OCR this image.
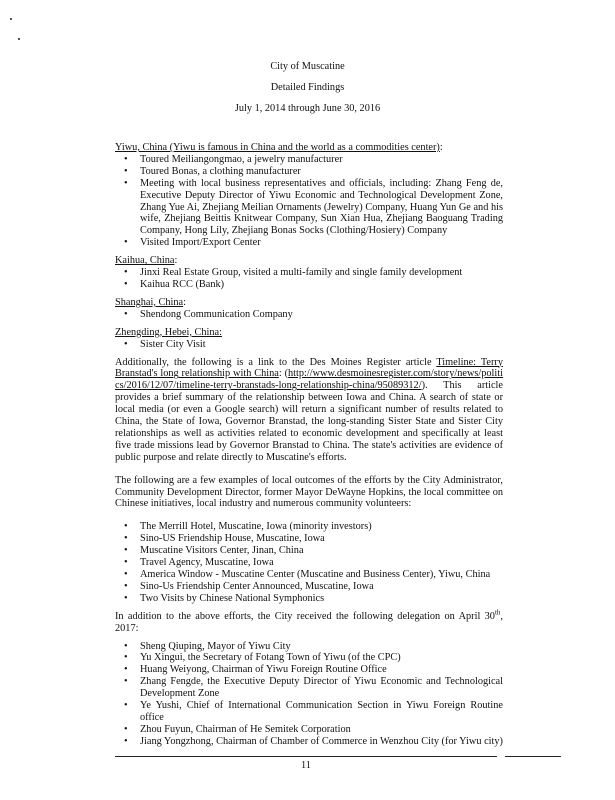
City of Muscatine
Detailed Findings
July 1, 2014 through June 30, 2016

Yiwu, China (Yiwu is famous in China and the world as a commodities center):

• Toured Meiliangongmao, a jewelry manufacturer
• Toured Bonas, a clothing manufacturer
• Meeting with local business representatives and officials, including: Zhang Feng de, Executive Deputy Director of Yiwu Economic and Technological Development Zone, Zhang Yue Ai, Zhejiang Meilian Ornaments (Jewelry) Company, Huang Yun Ge and his wife, Zhejiang Beittis Knitwear Company, Sun Xian Hua, Zhejiang Baoguang Trading Company, Hong Lily, Zhejiang Bonas Socks (Clothing/Hosiery) Company
• Visited Import/Export Center

Kaihua, China:

• Jinxi Real Estate Group, visited a multi-family and single family development
• Kaihua RCC (Bank)

Shanghai, China:

• Shendong Communication Company

Zhengding, Hebei, China:

• Sister City Visit

Additionally, the following is a link to the Des Moines Register article Timeline: Terry Branstad's long relationship with China: (http://www.desmoinesregister.com/story/news/politics/2016/12/07/timeline-terry-branstads-long-relationship-china/95089312/). This article provides a brief summary of the relationship between Iowa and China. A search of state or local media (or even a Google search) will return a significant number of results related to China, the State of Iowa, Governor Branstad, the long-standing Sister State and Sister City relationships as well as activities related to economic development and specifically at least five trade missions lead by Governor Branstad to China. The state's activities are evidence of public purpose and relate directly to Muscatine's efforts.

The following are a few examples of local outcomes of the efforts by the City Administrator, Community Development Director, former Mayor DeWayne Hopkins, the local committee on Chinese initiatives, local industry and numerous community volunteers:

• The Merrill Hotel, Muscatine, Iowa (minority investors)
• Sino-US Friendship House, Muscatine, Iowa
• Muscatine Visitors Center, Jinan, China
• Travel Agency, Muscatine, Iowa
• America Window - Muscatine Center (Muscatine and Business Center), Yiwu, China
• Sino-Us Friendship Center Announced, Muscatine, Iowa
• Two Visits by Chinese National Symphonics

In addition to the above efforts, the City received the following delegation on April 30th, 2017:

• Sheng Qiuping, Mayor of Yiwu City
• Yu Xingui, the Secretary of Fotang Town of Yiwu (of the CPC)
• Huang Weiyong, Chairman of Yiwu Foreign Routine Office
• Zhang Fengde, the Executive Deputy Director of Yiwu Economic and Technological Development Zone
• Ye Yushi, Chief of International Communication Section in Yiwu Foreign Routine office
• Zhou Fuyun, Chairman of He Semitek Corporation
• Jiang Yongzhong, Chairman of Chamber of Commerce in Wenzhou City (for Yiwu city)
11
